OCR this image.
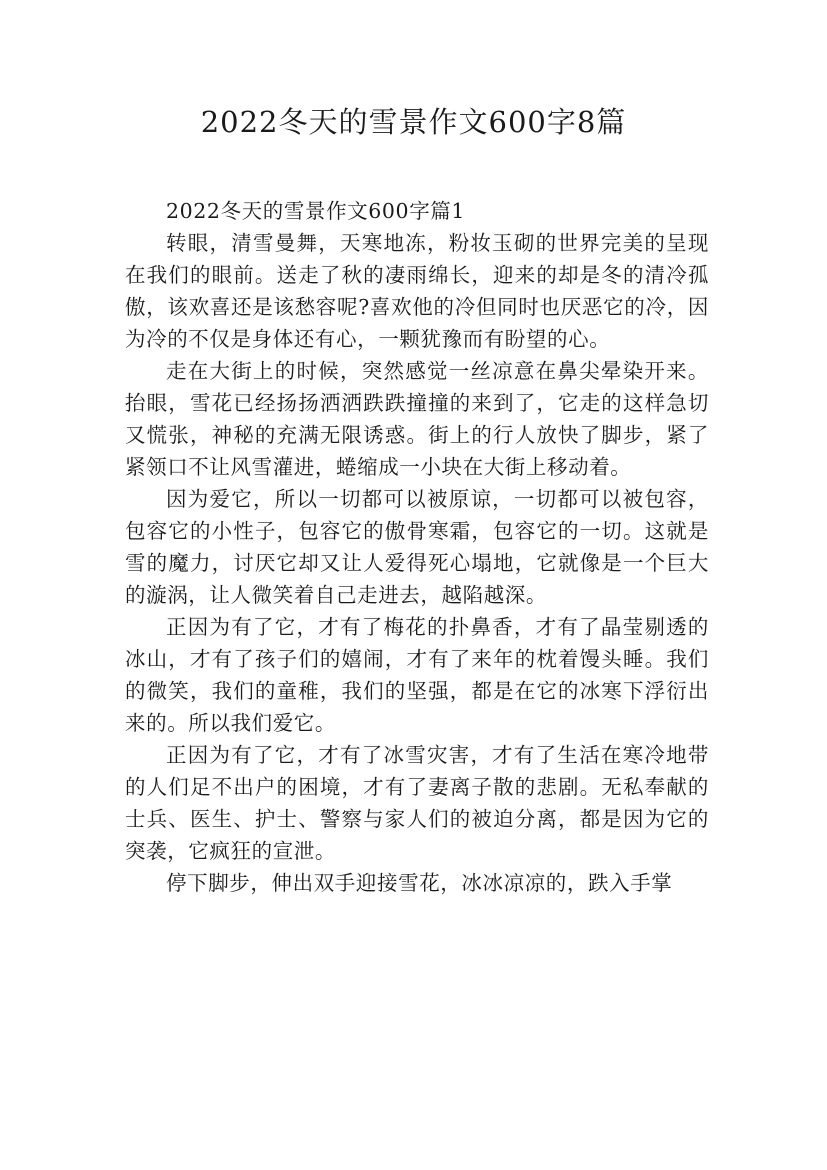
2022冬天的雪景作文600字8篇

2022冬天的雪景作文600字篇1

转眼，清雪曼舞，天寒地冻，粉妆玉砌的世界完美的呈现在我们的眼前。送走了秋的凄雨绵长，迎来的却是冬的清冷孤傲，该欢喜还是该愁容呢?喜欢他的冷但同时也厌恶它的冷，因为冷的不仅是身体还有心，一颗犹豫而有盼望的心。

走在大街上的时候，突然感觉一丝凉意在鼻尖晕染开来。抬眼，雪花已经扬扬洒洒跌跌撞撞的来到了，它走的这样急切又慌张，神秘的充满无限诱惑。街上的行人放快了脚步，紧了紧领口不让风雪灌进，蜷缩成一小块在大街上移动着。

因为爱它，所以一切都可以被原谅，一切都可以被包容，包容它的小性子，包容它的傲骨寒霜，包容它的一切。这就是雪的魔力，讨厌它却又让人爱得死心塌地，它就像是一个巨大的漩涡，让人微笑着自己走进去，越陷越深。

正因为有了它，才有了梅花的扑鼻香，才有了晶莹剔透的冰山，才有了孩子们的嬉闹，才有了来年的枕着馒头睡。我们的微笑，我们的童稚，我们的坚强，都是在它的冰寒下浮衍出来的。所以我们爱它。

正因为有了它，才有了冰雪灾害，才有了生活在寒冷地带的人们足不出户的困境，才有了妻离子散的悲剧。无私奉献的士兵、医生、护士、警察与家人们的被迫分离，都是因为它的突袭，它疯狂的宣泄。

停下脚步，伸出双手迎接雪花，冰冰凉凉的，跌入手掌
